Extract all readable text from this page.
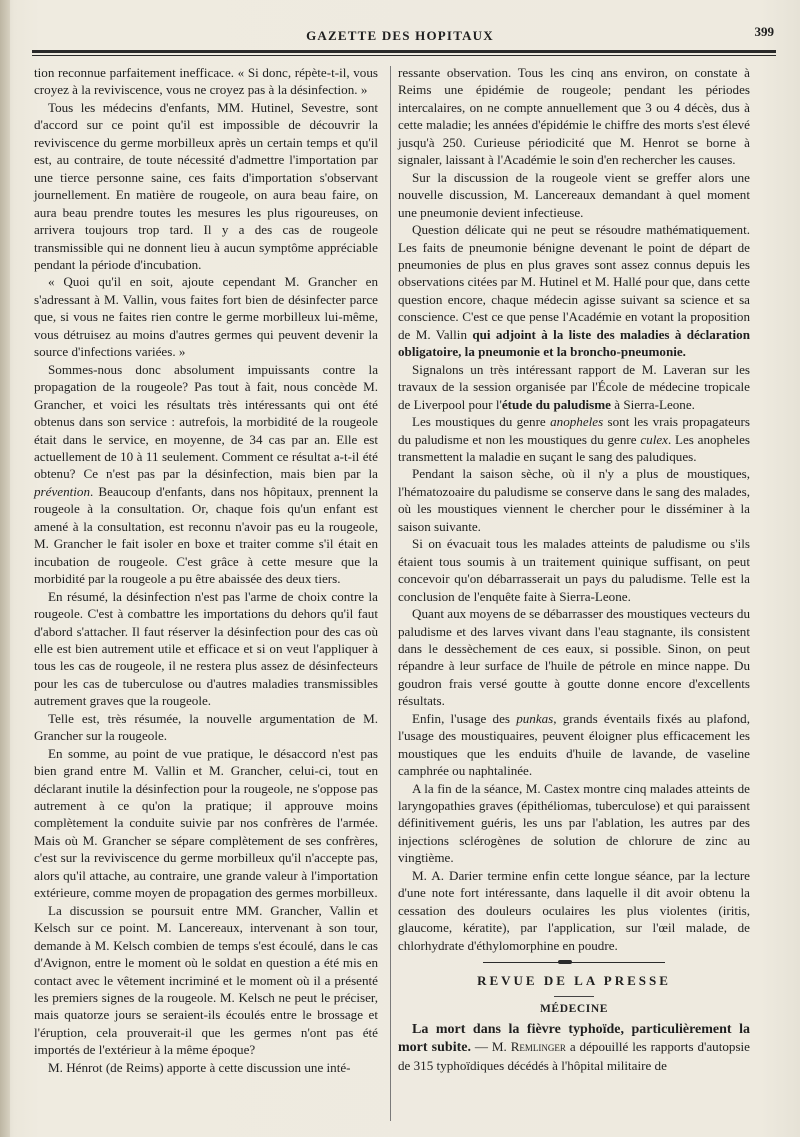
GAZETTE DES HOPITAUX	399

tion reconnue parfaitement inefficace. « Si donc, répète-t-il, vous croyez à la reviviscence, vous ne croyez pas à la désinfection. »

Tous les médecins d'enfants, MM. Hutinel, Sevestre, sont d'accord sur ce point qu'il est impossible de découvrir la reviviscence du germe morbilleux après un certain temps et qu'il est, au contraire, de toute nécessité d'admettre l'importation par une tierce personne saine, ces faits d'importation s'observant journellement. En matière de rougeole, on aura beau faire, on aura beau prendre toutes les mesures les plus rigoureuses, on arrivera toujours trop tard. Il y a des cas de rougeole transmissible qui ne donnent lieu à aucun symptôme appréciable pendant la période d'incubation.

« Quoi qu'il en soit, ajoute cependant M. Grancher en s'adressant à M. Vallin, vous faites fort bien de désinfecter parce que, si vous ne faites rien contre le germe morbilleux lui-même, vous détruisez au moins d'autres germes qui peuvent devenir la source d'infections variées. »

Sommes-nous donc absolument impuissants contre la propagation de la rougeole? Pas tout à fait, nous concède M. Grancher, et voici les résultats très intéressants qui ont été obtenus dans son service : autrefois, la morbidité de la rougeole était dans le service, en moyenne, de 34 cas par an. Elle est actuellement de 10 à 11 seulement. Comment ce résultat a-t-il été obtenu? Ce n'est pas par la désinfection, mais bien par la prévention. Beaucoup d'enfants, dans nos hôpitaux, prennent la rougeole à la consultation. Or, chaque fois qu'un enfant est amené à la consultation, est reconnu n'avoir pas eu la rougeole, M. Grancher le fait isoler en boxe et traiter comme s'il était en incubation de rougeole. C'est grâce à cette mesure que la morbidité par la rougeole a pu être abaissée des deux tiers.

En résumé, la désinfection n'est pas l'arme de choix contre la rougeole. C'est à combattre les importations du dehors qu'il faut d'abord s'attacher. Il faut réserver la désinfection pour des cas où elle est bien autrement utile et efficace et si on veut l'appliquer à tous les cas de rougeole, il ne restera plus assez de désinfecteurs pour les cas de tuberculose ou d'autres maladies transmissibles autrement graves que la rougeole.

Telle est, très résumée, la nouvelle argumentation de M. Grancher sur la rougeole.

En somme, au point de vue pratique, le désaccord n'est pas bien grand entre M. Vallin et M. Grancher, celui-ci, tout en déclarant inutile la désinfection pour la rougeole, ne s'oppose pas autrement à ce qu'on la pratique; il approuve moins complètement la conduite suivie par nos confrères de l'armée. Mais où M. Grancher se sépare complètement de ses confrères, c'est sur la reviviscence du germe morbilleux qu'il n'accepte pas, alors qu'il attache, au contraire, une grande valeur à l'importation extérieure, comme moyen de propagation des germes morbilleux.

La discussion se poursuit entre MM. Grancher, Vallin et Kelsch sur ce point. M. Lancereaux, intervenant à son tour, demande à M. Kelsch combien de temps s'est écoulé, dans le cas d'Avignon, entre le moment où le soldat en question a été mis en contact avec le vêtement incriminé et le moment où il a présenté les premiers signes de la rougeole. M. Kelsch ne peut le préciser, mais quatorze jours se seraient-ils écoulés entre le brossage et l'éruption, cela prouverait-il que les germes n'ont pas été importés de l'extérieur à la même époque?

M. Hénrot (de Reims) apporte à cette discussion une inté-

ressante observation. Tous les cinq ans environ, on constate à Reims une épidémie de rougeole; pendant les périodes intercalaires, on ne compte annuellement que 3 ou 4 décès, dus à cette maladie; les années d'épidémie le chiffre des morts s'est élevé jusqu'à 250. Curieuse périodicité que M. Henrot se borne à signaler, laissant à l'Académie le soin d'en rechercher les causes.

Sur la discussion de la rougeole vient se greffer alors une nouvelle discussion, M. Lancereaux demandant à quel moment une pneumonie devient infectieuse.

Question délicate qui ne peut se résoudre mathématiquement. Les faits de pneumonie bénigne devenant le point de départ de pneumonies de plus en plus graves sont assez connus depuis les observations citées par M. Hutinel et M. Hallé pour que, dans cette question encore, chaque médecin agisse suivant sa science et sa conscience. C'est ce que pense l'Académie en votant la proposition de M. Vallin qui adjoint à la liste des maladies à déclaration obligatoire, la pneumonie et la broncho-pneumonie.

Signalons un très intéressant rapport de M. Laveran sur les travaux de la session organisée par l'École de médecine tropicale de Liverpool pour l'étude du paludisme à Sierra-Leone.

Les moustiques du genre anopheles sont les vrais propagateurs du paludisme et non les moustiques du genre culex. Les anopheles transmettent la maladie en suçant le sang des paludiques.

Pendant la saison sèche, où il n'y a plus de moustiques, l'hématozoaire du paludisme se conserve dans le sang des malades, où les moustiques viennent le chercher pour le disséminer à la saison suivante.

Si on évacuait tous les malades atteints de paludisme ou s'ils étaient tous soumis à un traitement quinique suffisant, on peut concevoir qu'on débarrasserait un pays du paludisme. Telle est la conclusion de l'enquête faite à Sierra-Leone.

Quant aux moyens de se débarrasser des moustiques vecteurs du paludisme et des larves vivant dans l'eau stagnante, ils consistent dans le dessèchement de ces eaux, si possible. Sinon, on peut répandre à leur surface de l'huile de pétrole en mince nappe. Du goudron frais versé goutte à goutte donne encore d'excellents résultats.

Enfin, l'usage des punkas, grands éventails fixés au plafond, l'usage des moustiquaires, peuvent éloigner plus efficacement les moustiques que les enduits d'huile de lavande, de vaseline camphrée ou naphtalinée.

A la fin de la séance, M. Castex montre cinq malades atteints de laryngopathies graves (épithéliomas, tuberculose) et qui paraissent définitivement guéris, les uns par l'ablation, les autres par des injections sclérogènes de solution de chlorure de zinc au vingtième.

M. A. Darier termine enfin cette longue séance, par la lecture d'une note fort intéressante, dans laquelle il dit avoir obtenu la cessation des douleurs oculaires les plus violentes (iritis, glaucome, kératite), par l'application, sur l'œil malade, de chlorhydrate d'éthylomorphine en poudre.

REVUE DE LA PRESSE
MÉDECINE

La mort dans la fièvre typhoïde, particulièrement la mort subite. — M. Remlinger a dépouillé les rapports d'autopsie de 315 typhoïdiques décédés à l'hôpital militaire de
